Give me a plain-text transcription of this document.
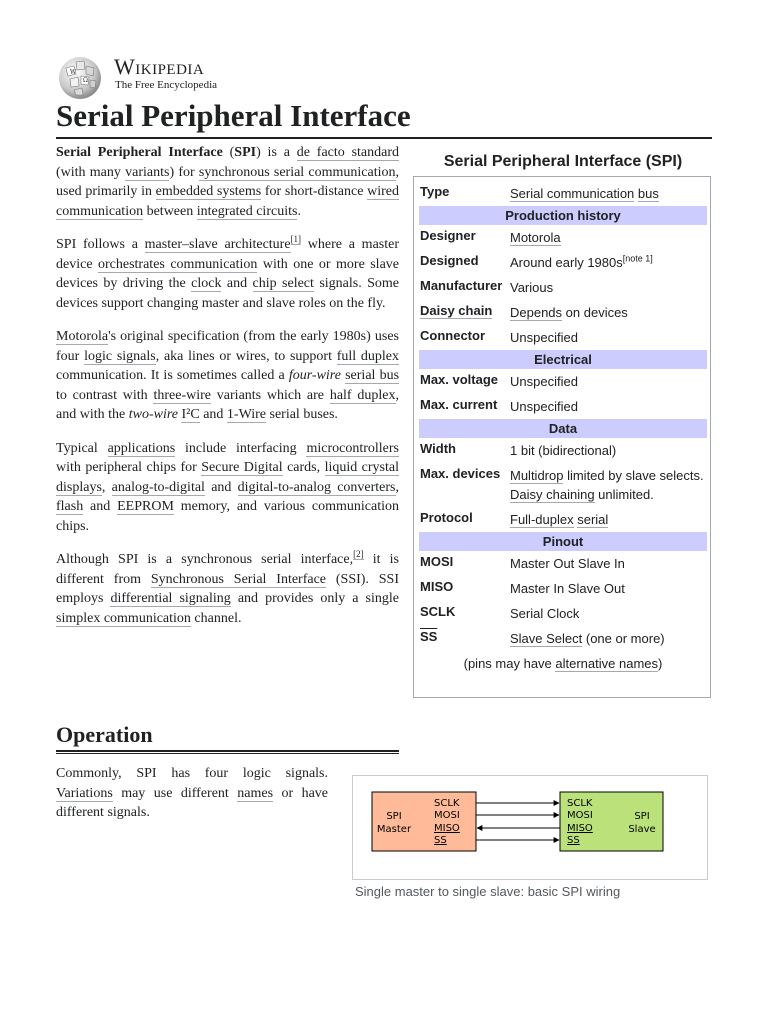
W
Ω
Wikipedia
The Free Encyclopedia
Serial Peripheral Interface

Serial Peripheral Interface (SPI) is a de facto standard (with many variants) for synchronous serial communication, used primarily in embedded systems for short-distance wired communication between integrated circuits.

SPI follows a master–slave architecture[1] where a master device orchestrates communication with one or more slave devices by driving the clock and chip select signals. Some devices support changing master and slave roles on the fly.

Motorola's original specification (from the early 1980s) uses four logic signals, aka lines or wires, to support full duplex communication. It is sometimes called a four-wire serial bus to contrast with three-wire variants which are half duplex, and with the two-wire I²C and 1-Wire serial buses.

Typical applications include interfacing microcontrollers with peripheral chips for Secure Digital cards, liquid crystal displays, analog-to-digital and digital-to-analog converters, flash and EEPROM memory, and various communication chips.

Although SPI is a synchronous serial interface,[2] it is different from Synchronous Serial Interface (SSI). SSI employs differential signaling and provides only a single simplex communication channel.

Serial Peripheral Interface (SPI)
Type	Serial communication bus
Production history	
Designer	Motorola
Designed	Around early 1980s[note 1]
Manufacturer	Various
Daisy chain	Depends on devices
Connector	Unspecified
Electrical	
Max. voltage	Unspecified
Max. current	Unspecified
Data	
Width	1 bit (bidirectional)
Max. devices	Multidrop limited by slave selects. Daisy chaining unlimited.
Protocol	Full-duplex serial
Pinout	
MOSI	Master Out Slave In
MISO	Master In Slave Out
SCLK	Serial Clock
$\overline{SS}$	Slave Select (one or more)
(pins may have alternative names)	
Operation

Commonly, SPI has four logic signals. Variations may use different names or have different signals.	SPI
Master
SPI
Slave
SCLK
MOSI
MISO
SS
SCLK
MOSI
MISO
SS
Single master to single slave: basic SPI wiring
